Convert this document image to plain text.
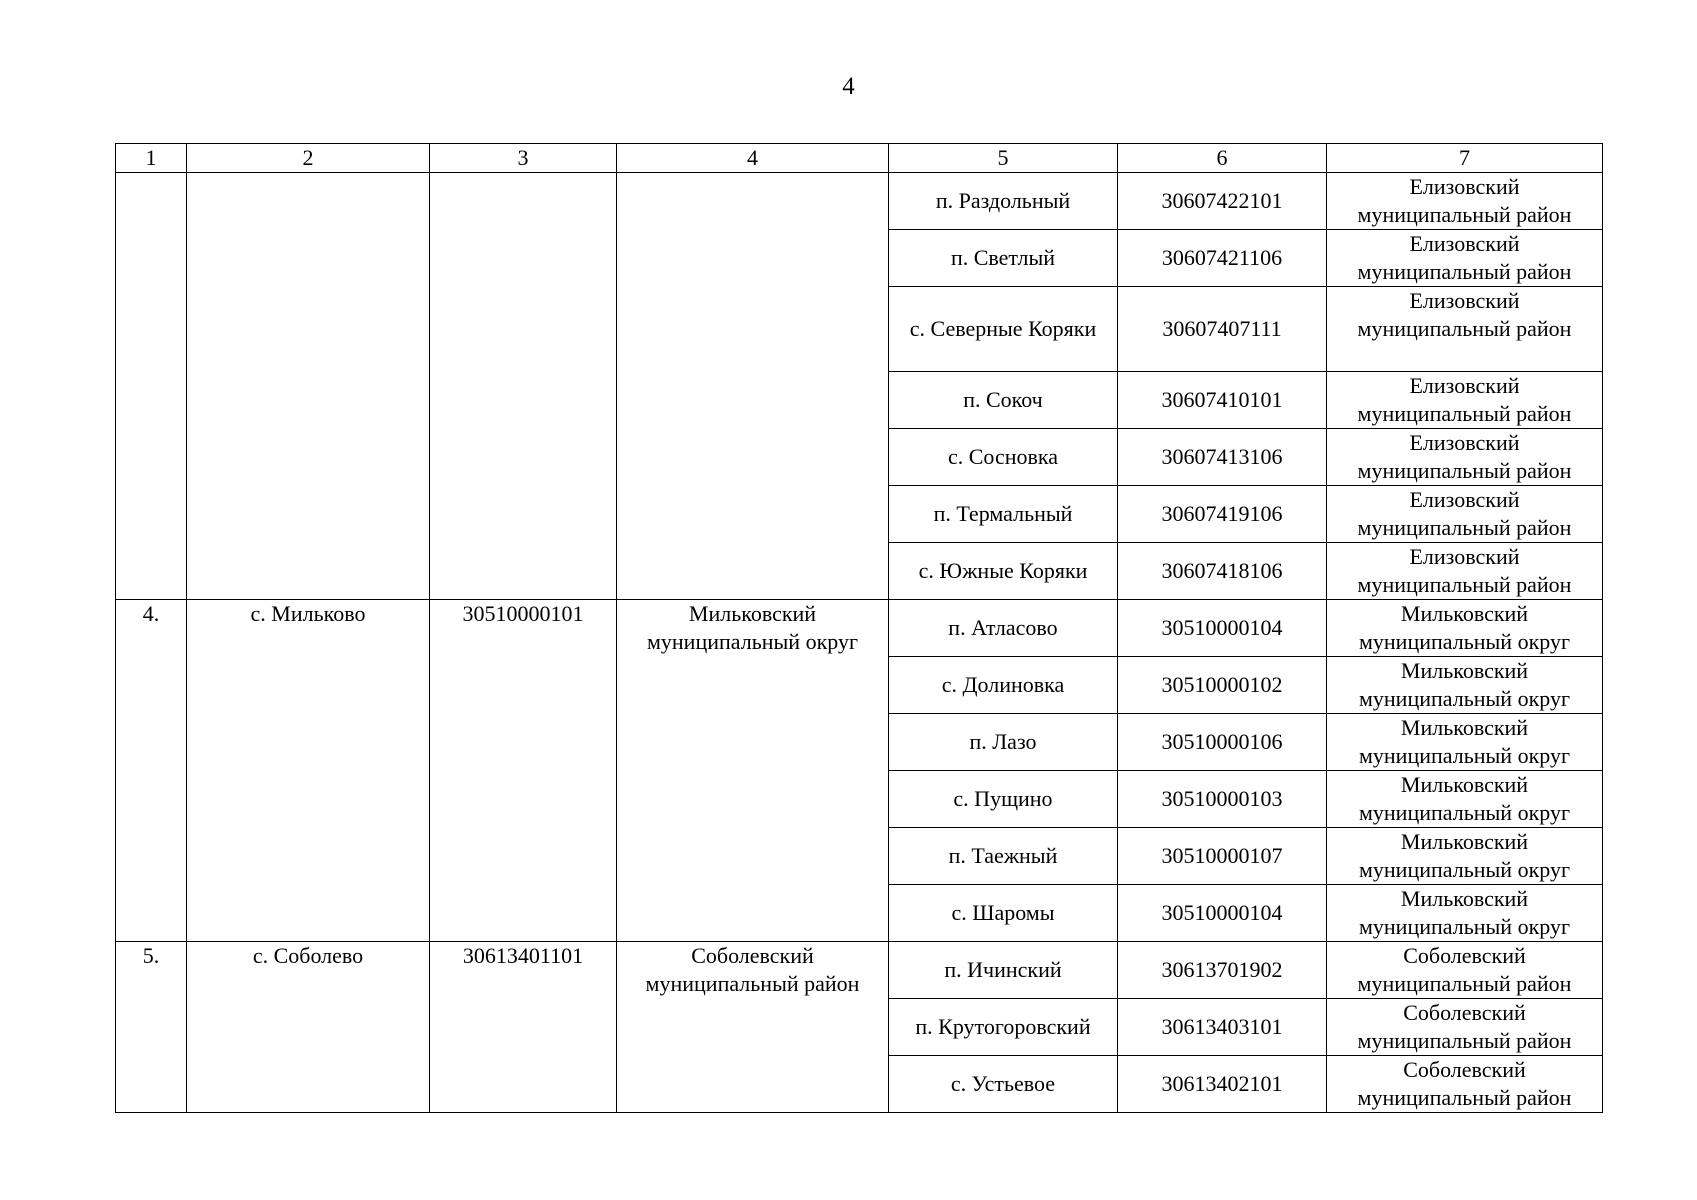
4
1	2	3	4	5	6	7
				п. Раздольный	30607422101	Елизовский
муниципальный район

				п. Светлый	30607421106	Елизовский
муниципальный район

				с. Северные Коряки	30607407111	Елизовский
муниципальный район

				п. Сокоч	30607410101	Елизовский
муниципальный район

				с. Сосновка	30607413106	Елизовский
муниципальный район

				п. Термальный	30607419106	Елизовский
муниципальный район

				с. Южные Коряки	30607418106	Елизовский
муниципальный район

4.	с. Мильково	30510000101	Мильковский
муниципальный округ	п. Атласово	30510000104	Мильковский
муниципальный округ

				с. Долиновка	30510000102	Мильковский
муниципальный округ

				п. Лазо	30510000106	Мильковский
муниципальный округ

				с. Пущино	30510000103	Мильковский
муниципальный округ

				п. Таежный	30510000107	Мильковский
муниципальный округ

				с. Шаромы	30510000104	Мильковский
муниципальный округ

5.	с. Соболево	30613401101	Соболевский
муниципальный район	п. Ичинский	30613701902	Соболевский
муниципальный район

				п. Крутогоровский	30613403101	Соболевский
муниципальный район

				с. Устьевое	30613402101	Соболевский
муниципальный район
